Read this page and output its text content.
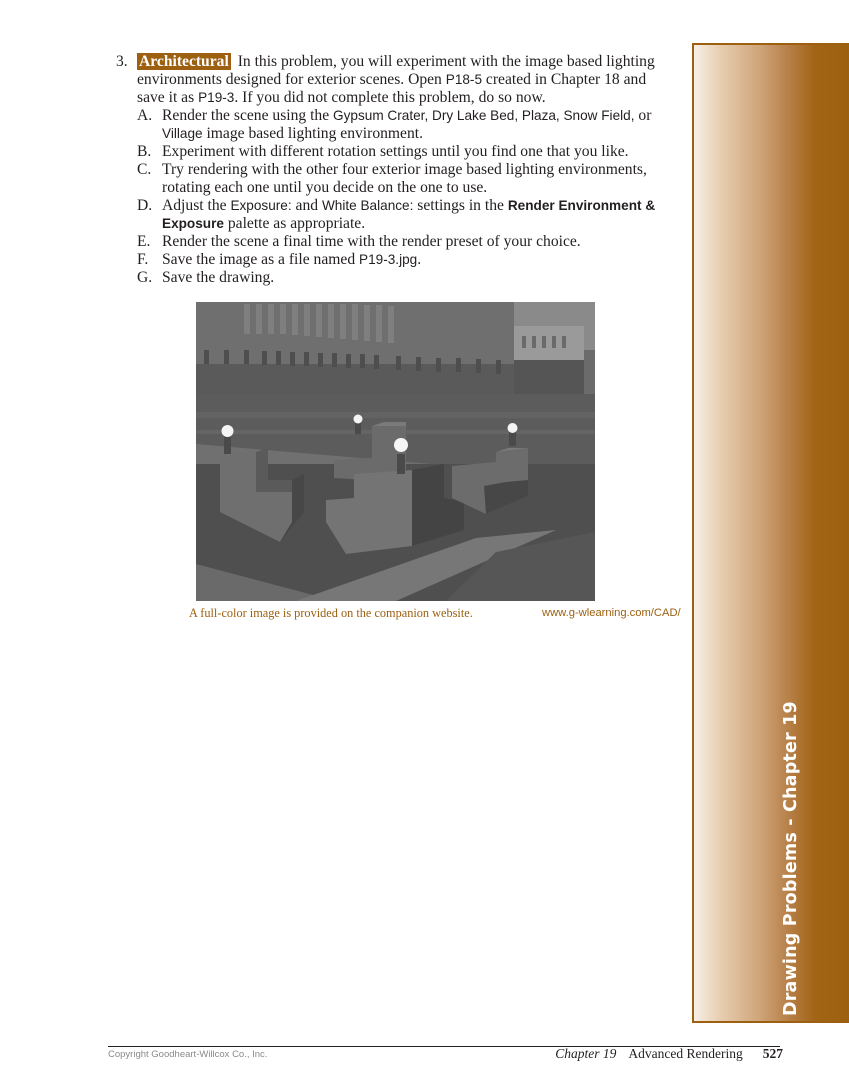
Drawing Problems - Chapter 19
3. Architectural In this problem, you will experiment with the image based lighting
environments designed for exterior scenes. Open P18-5 created in Chapter 18 and
save it as P19-3. If you did not complete this problem, do so now.
A. Render the scene using the Gypsum Crater, Dry Lake Bed, Plaza, Snow Field, or
Village image based lighting environment.
B. Experiment with different rotation settings until you find one that you like.
C. Try rendering with the other four exterior image based lighting environments,
rotating each one until you decide on the one to use.
D. Adjust the Exposure: and White Balance: settings in the Render Environment &
Exposure palette as appropriate.
E. Render the scene a final time with the render preset of your choice.
F. Save the image as a file named P19-3.jpg.
G. Save the drawing.
A full-color image is provided on the companion website.	www.g-wlearning.com/CAD/
Copyright Goodheart-Willcox Co., Inc.	Chapter 19 Advanced Rendering 527
